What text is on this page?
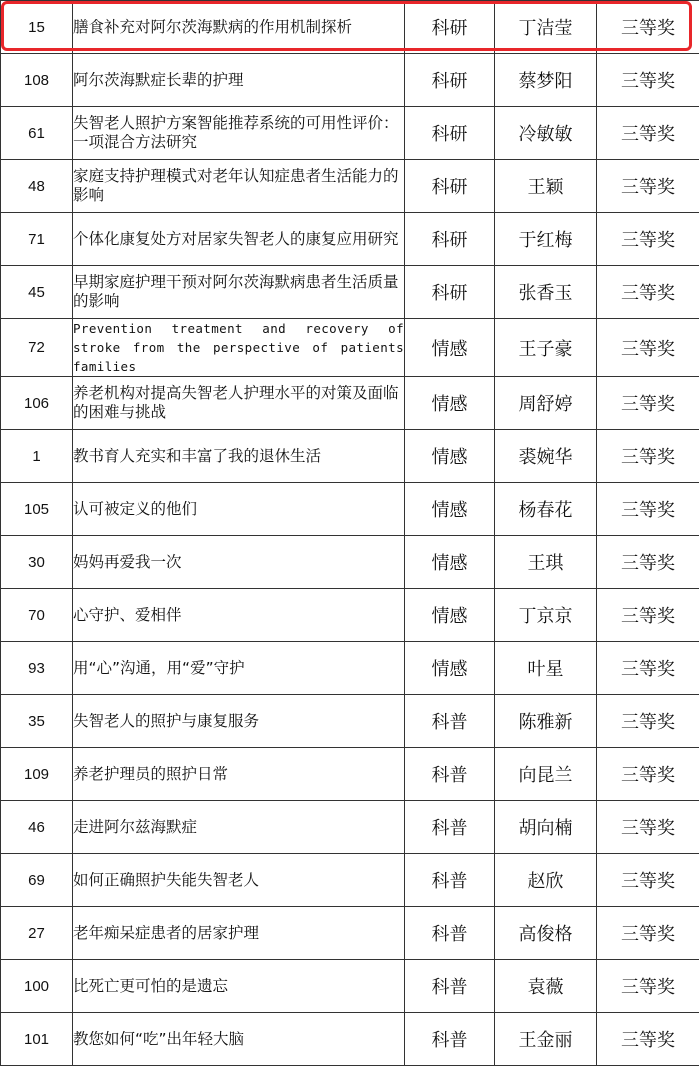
15	膳食补充对阿尔茨海默病的作用机制探析	科研	丁洁莹	三等奖
108	阿尔茨海默症长辈的护理	科研	蔡梦阳	三等奖
61	失智老人照护方案智能推荐系统的可用性评价：一项混合方法研究	科研	冷敏敏	三等奖
48	家庭支持护理模式对老年认知症患者生活能力的影响	科研	王颖	三等奖
71	个体化康复处方对居家失智老人的康复应用研究	科研	于红梅	三等奖
45	早期家庭护理干预对阿尔茨海默病患者生活质量的影响	科研	张香玉	三等奖
72	Prevention treatment and recovery of stroke from the perspective of patients families	情感	王子豪	三等奖
106	养老机构对提高失智老人护理水平的对策及面临的困难与挑战	情感	周舒婷	三等奖
1	教书育人充实和丰富了我的退休生活	情感	裘婉华	三等奖
105	认可被定义的他们	情感	杨春花	三等奖
30	妈妈再爱我一次	情感	王琪	三等奖
70	心守护、爱相伴	情感	丁京京	三等奖
93	用“心”沟通，用“爱”守护	情感	叶星	三等奖
35	失智老人的照护与康复服务	科普	陈雅新	三等奖
109	养老护理员的照护日常	科普	向昆兰	三等奖
46	走进阿尔兹海默症	科普	胡向楠	三等奖
69	如何正确照护失能失智老人	科普	赵欣	三等奖
27	老年痴呆症患者的居家护理	科普	高俊格	三等奖
100	比死亡更可怕的是遗忘	科普	袁薇	三等奖
101	教您如何“吃”出年轻大脑	科普	王金丽	三等奖
